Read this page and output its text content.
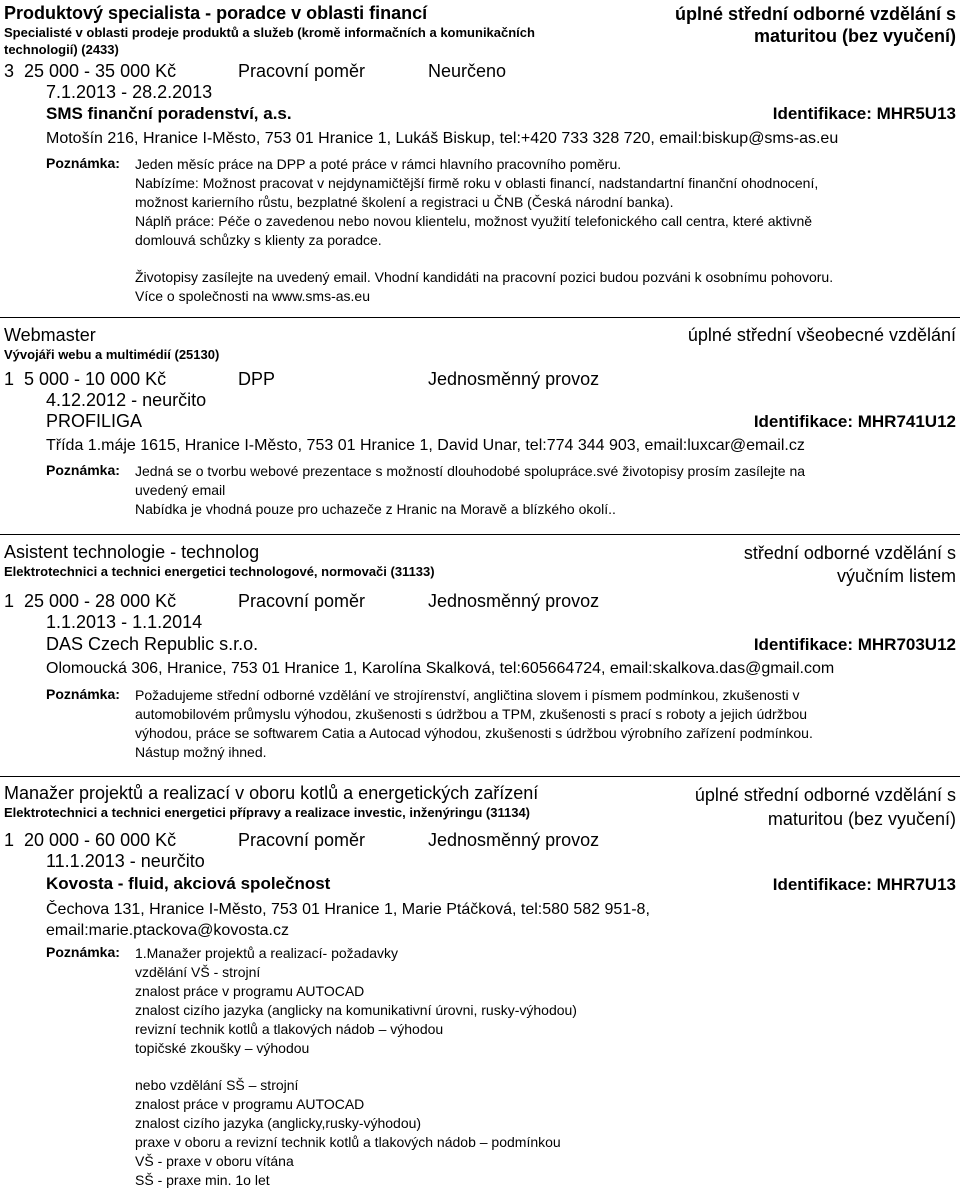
Produktový specialista - poradce v oblasti financí
Specialisté v oblasti prodeje produktů a služeb (kromě informačních a komunikačních
technologií) (2433)
úplné střední odborné vzdělání s
maturitou (bez vyučení)
3 25 000 - 35 000 Kč	Pracovní poměr	Neurčeno
7.1.2013 - 28.2.2013
SMS finanční poradenství, a.s.	Identifikace: MHR5U13
Motošín 216, Hranice I-Město, 753 01 Hranice 1, Lukáš Biskup, tel:+420 733 328 720, email:biskup@sms-as.eu
Poznámka: Jeden měsíc práce na DPP a poté práce v rámci hlavního pracovního poměru.
Nabízíme: Možnost pracovat v nejdynamičtější firmě roku v oblasti financí, nadstandartní finanční ohodnocení,
možnost karierního růstu, bezplatné školení a registraci u ČNB (Česká národní banka).
Náplň práce: Péče o zavedenou nebo novou klientelu, možnost využití telefonického call centra, které aktivně
domlouvá schůzky s klienty za poradce.
Životopisy zasílejte na uvedený email. Vhodní kandidáti na pracovní pozici budou pozváni k osobnímu pohovoru.
Více o společnosti na www.sms-as.eu
Webmaster
Vývojáři webu a multimédií (25130)
úplné střední všeobecné vzdělání
1 5 000 - 10 000 Kč	DPP	Jednosměnný provoz
4.12.2012 - neurčito
PROFILIGA	Identifikace: MHR741U12
Třída 1.máje 1615, Hranice I-Město, 753 01 Hranice 1, David Unar, tel:774 344 903, email:luxcar@email.cz
Poznámka: Jedná se o tvorbu webové prezentace s možností dlouhodobé spolupráce.své životopisy prosím zasílejte na
uvedený email
Nabídka je vhodná pouze pro uchazeče z Hranic na Moravě a blízkého okolí..
Asistent technologie - technolog
Elektrotechnici a technici energetici technologové, normovači (31133)
střední odborné vzdělání s
výučním listem
1 25 000 - 28 000 Kč	Pracovní poměr	Jednosměnný provoz
1.1.2013 - 1.1.2014
DAS Czech Republic s.r.o.	Identifikace: MHR703U12
Olomoucká 306, Hranice, 753 01 Hranice 1, Karolína Skalková, tel:605664724, email:skalkova.das@gmail.com
Poznámka: Požadujeme střední odborné vzdělání ve strojírenství, angličtina slovem i písmem podmínkou, zkušenosti v
automobilovém průmyslu výhodou, zkušenosti s údržbou a TPM, zkušenosti s prací s roboty a jejich údržbou
výhodou, práce se softwarem Catia a Autocad výhodou, zkušenosti s údržbou výrobního zařízení podmínkou.
Nástup možný ihned.
Manažer projektů a realizací v oboru kotlů a energetických zařízení
Elektrotechnici a technici energetici přípravy a realizace investic, inženýringu (31134)
úplné střední odborné vzdělání s
maturitou (bez vyučení)
1 20 000 - 60 000 Kč	Pracovní poměr	Jednosměnný provoz
11.1.2013 - neurčito
Kovosta - fluid, akciová společnost	Identifikace: MHR7U13
Čechova 131, Hranice I-Město, 753 01 Hranice 1, Marie Ptáčková, tel:580 582 951-8,
email:marie.ptackova@kovosta.cz
Poznámka: 1.Manažer projektů a realizací- požadavky
vzdělání VŠ - strojní
znalost práce v programu AUTOCAD
znalost cizího jazyka (anglicky na komunikativní úrovni, rusky-výhodou)
revizní technik kotlů a tlakových nádob – výhodou
topičské zkoušky – výhodou
nebo vzdělání SŠ – strojní
znalost práce v programu AUTOCAD
znalost cizího jazyka (anglicky,rusky-výhodou)
praxe v oboru a revizní technik kotlů a tlakových nádob – podmínkou
VŠ - praxe v oboru vítána
SŠ - praxe min. 1o let
